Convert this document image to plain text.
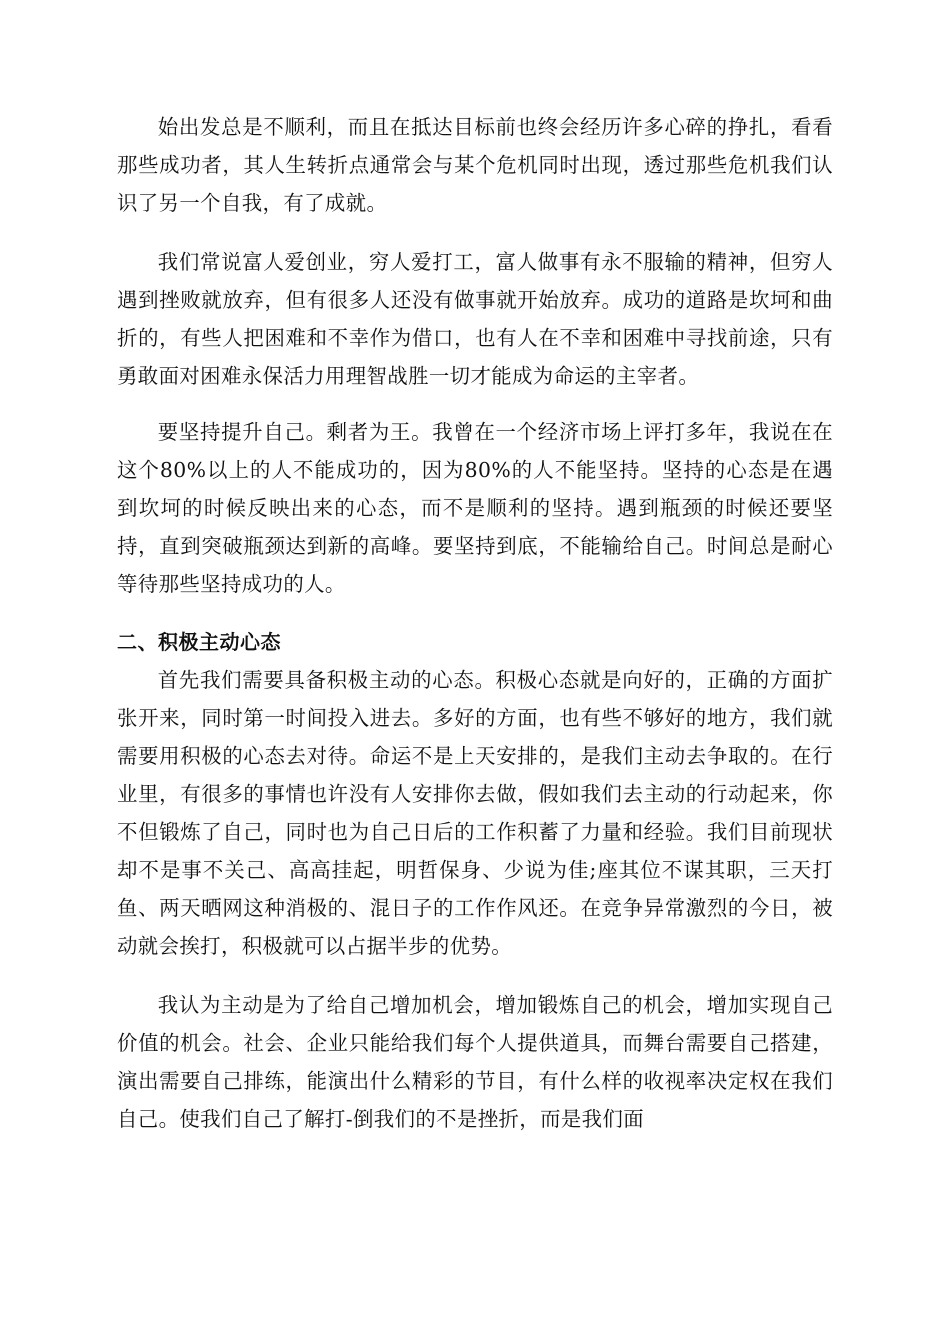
始出发总是不顺利，而且在抵达目标前也终会经历许多心碎的挣扎，看看那些成功者，其人生转折点通常会与某个危机同时出现，透过那些危机我们认识了另一个自我，有了成就。

我们常说富人爱创业，穷人爱打工，富人做事有永不服输的精神，但穷人遇到挫败就放弃，但有很多人还没有做事就开始放弃。成功的道路是坎坷和曲折的，有些人把困难和不幸作为借口，也有人在不幸和困难中寻找前途，只有勇敢面对困难永保活力用理智战胜一切才能成为命运的主宰者。

要坚持提升自己。剩者为王。我曾在一个经济市场上评打多年，我说在在这个80%以上的人不能成功的，因为80%的人不能坚持。坚持的心态是在遇到坎坷的时候反映出来的心态，而不是顺利的坚持。遇到瓶颈的时候还要坚持，直到突破瓶颈达到新的高峰。要坚持到底，不能输给自己。时间总是耐心等待那些坚持成功的人。

二、积极主动心态

首先我们需要具备积极主动的心态。积极心态就是向好的，正确的方面扩张开来，同时第一时间投入进去。多好的方面，也有些不够好的地方，我们就需要用积极的心态去对待。命运不是上天安排的，是我们主动去争取的。在行业里，有很多的事情也许没有人安排你去做，假如我们去主动的行动起来，你不但锻炼了自己，同时也为自己日后的工作积蓄了力量和经验。我们目前现状却不是事不关己、高高挂起，明哲保身、少说为佳;座其位不谋其职，三天打鱼、两天晒网这种消极的、混日子的工作作风还。在竞争异常激烈的今日，被动就会挨打，积极就可以占据半步的优势。

我认为主动是为了给自己增加机会，增加锻炼自己的机会，增加实现自己价值的机会。社会、企业只能给我们每个人提供道具，而舞台需要自己搭建，演出需要自己排练，能演出什么精彩的节目，有什么样的收视率决定权在我们自己。使我们自己了解打-倒我们的不是挫折，而是我们面
